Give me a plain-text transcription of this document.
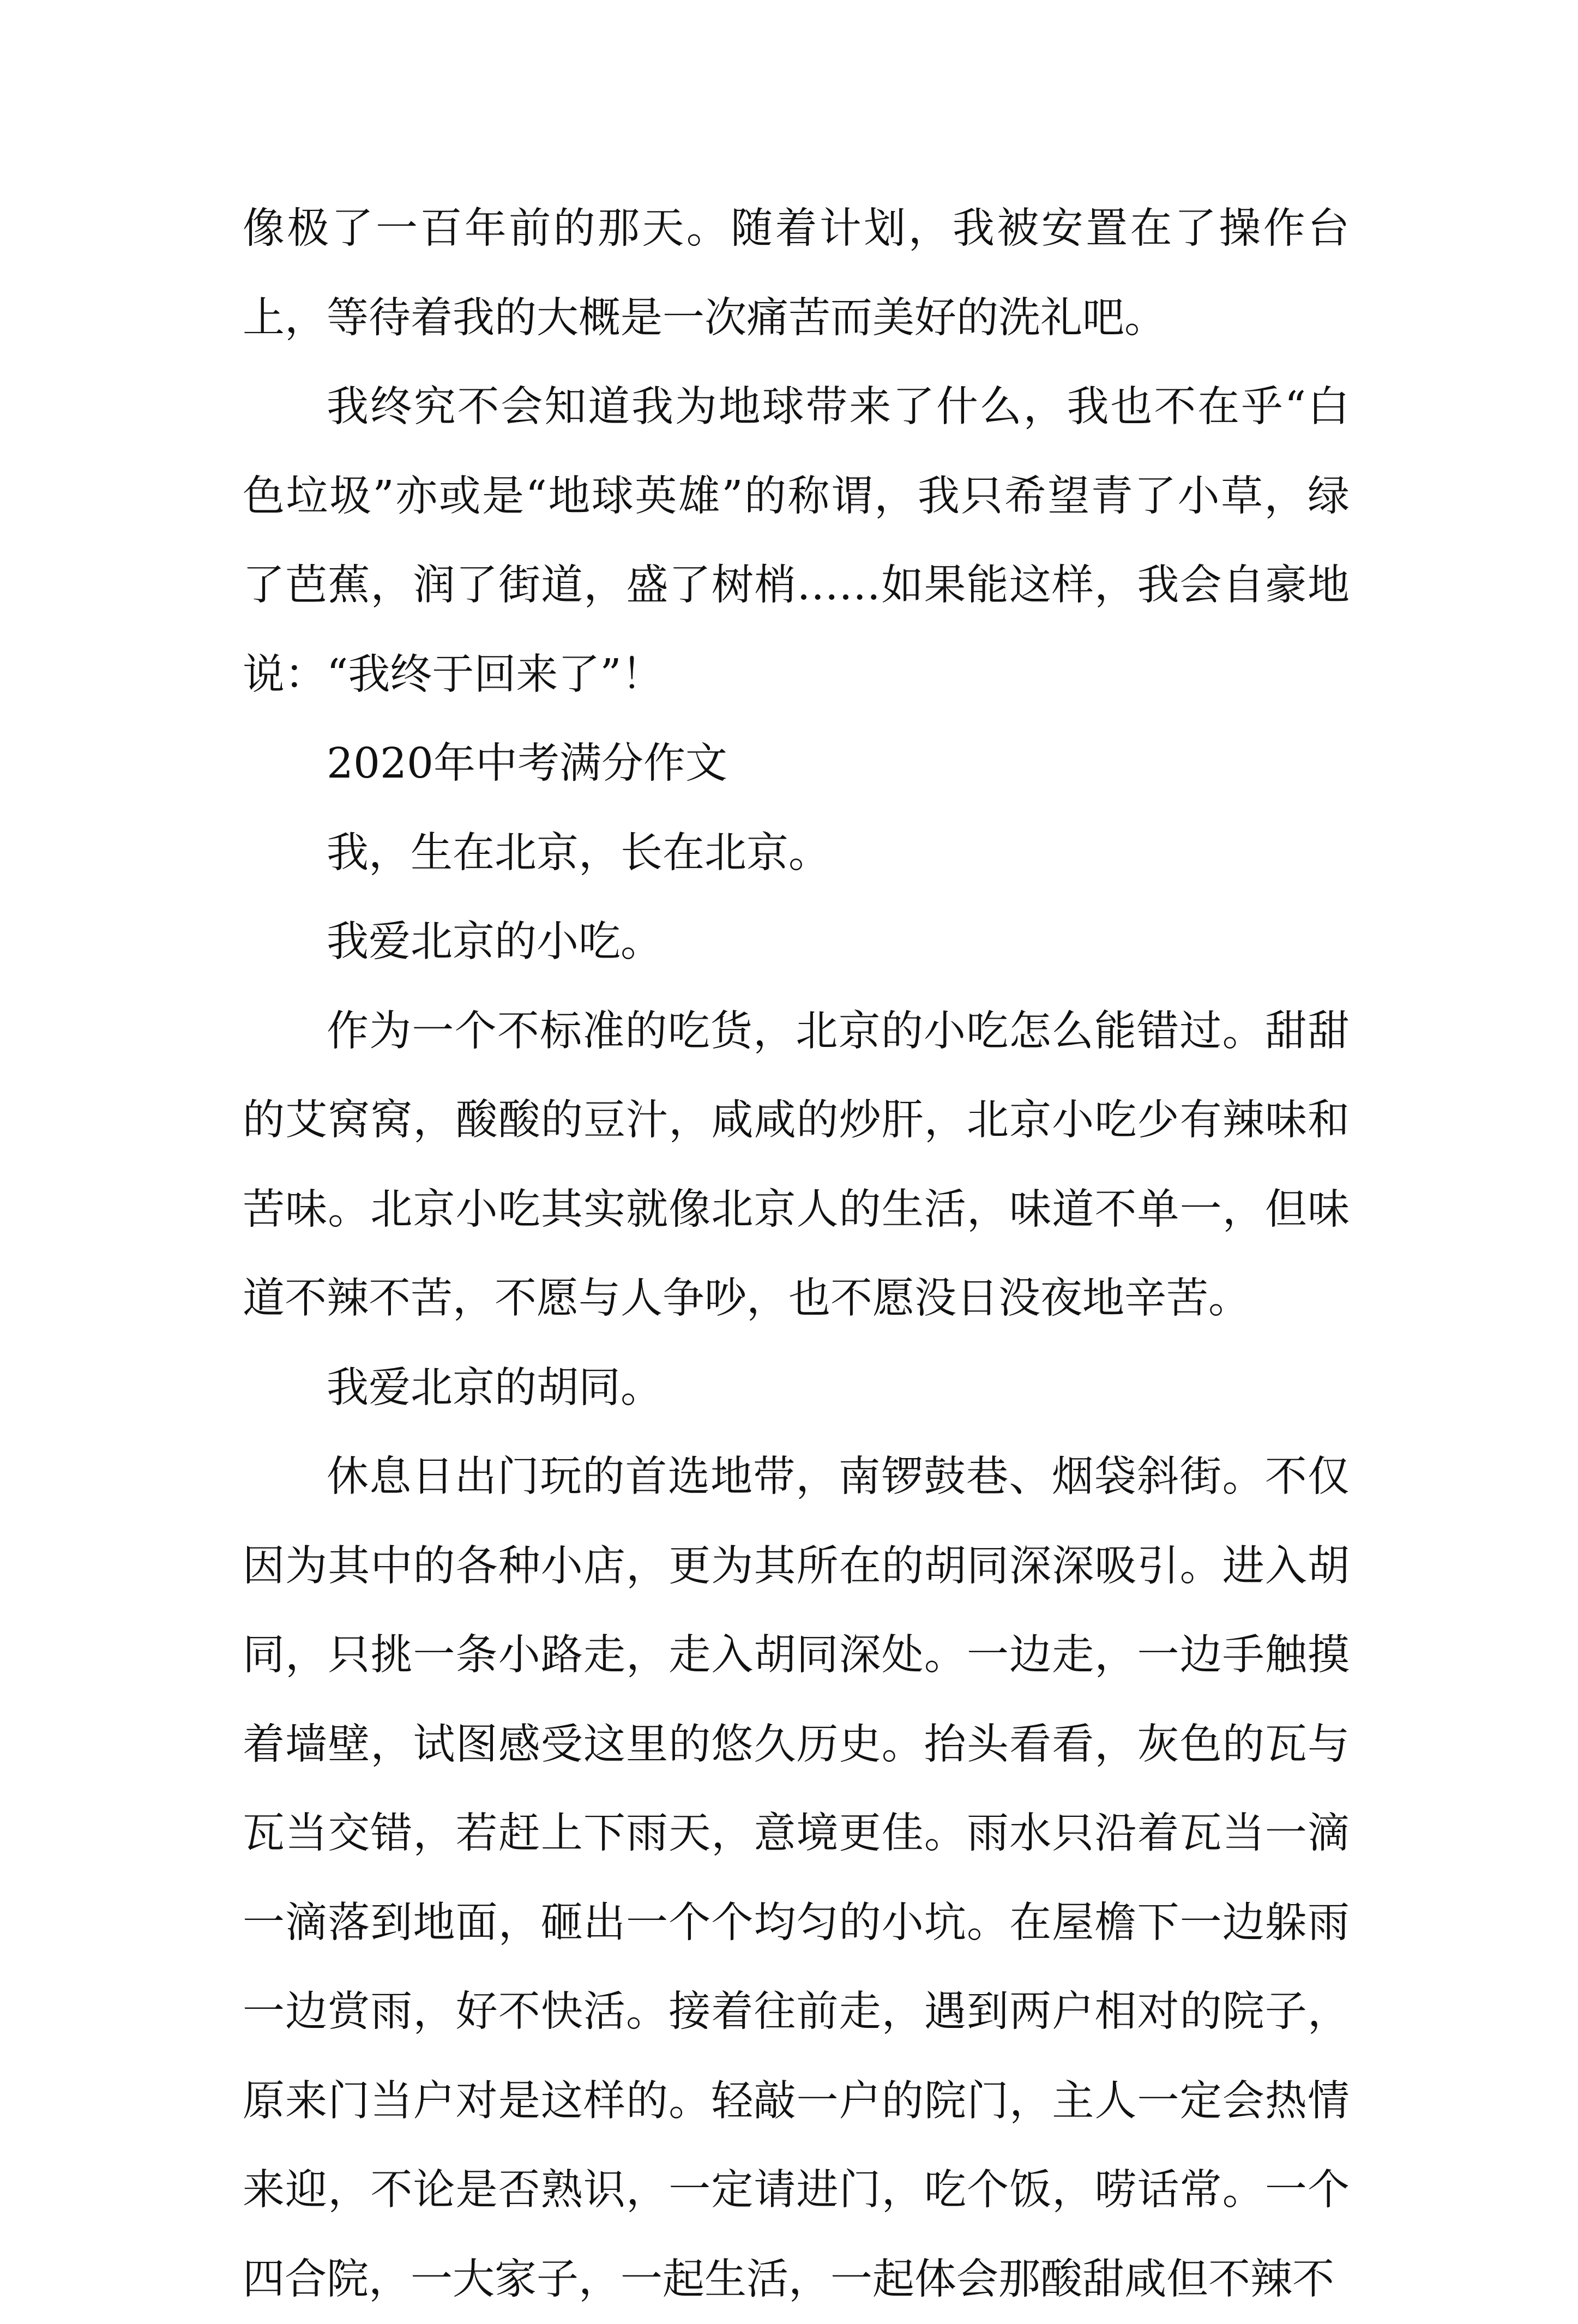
像极了一百年前的那天。随着计划，我被安置在了操作台上，等待着我的大概是一次痛苦而美好的洗礼吧。

我终究不会知道我为地球带来了什么，我也不在乎“白色垃圾”亦或是“地球英雄”的称谓，我只希望青了小草，绿了芭蕉，润了街道，盛了树梢……如果能这样，我会自豪地说：“我终于回来了”！

2020年中考满分作文

我，生在北京，长在北京。

我爱北京的小吃。

作为一个不标准的吃货，北京的小吃怎么能错过。甜甜的艾窝窝，酸酸的豆汁，咸咸的炒肝，北京小吃少有辣味和苦味。北京小吃其实就像北京人的生活，味道不单一，但味道不辣不苦，不愿与人争吵，也不愿没日没夜地辛苦。

我爱北京的胡同。

休息日出门玩的首选地带，南锣鼓巷、烟袋斜街。不仅因为其中的各种小店，更为其所在的胡同深深吸引。进入胡同，只挑一条小路走，走入胡同深处。一边走，一边手触摸着墙壁，试图感受这里的悠久历史。抬头看看，灰色的瓦与瓦当交错，若赶上下雨天，意境更佳。雨水只沿着瓦当一滴一滴落到地面，砸出一个个均匀的小坑。在屋檐下一边躲雨一边赏雨，好不快活。接着往前走，遇到两户相对的院子，原来门当户对是这样的。轻敲一户的院门，主人一定会热情来迎，不论是否熟识，一定请进门，吃个饭，唠话常。一个四合院，一大家子，一起生活，一起体会那酸甜咸但不辣不
